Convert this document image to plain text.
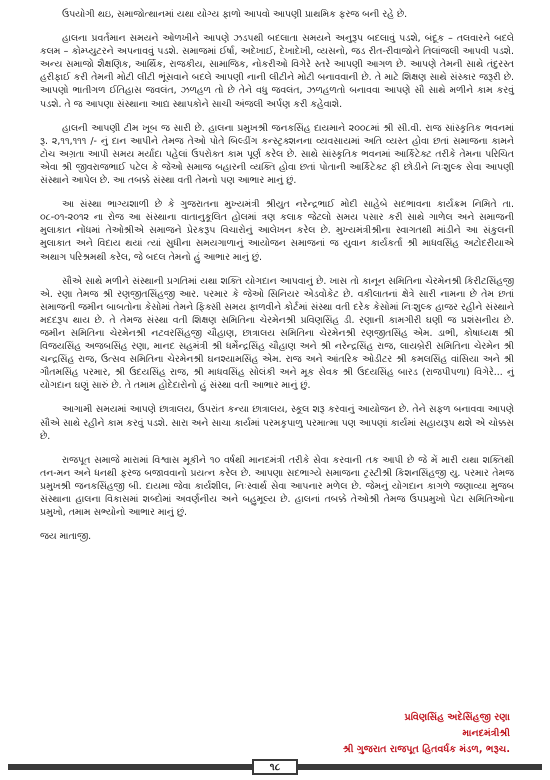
ઉપયોગી થઇ, સમાજોત્થાનમાં યથા યોગ્ય ફાળો આપવો આપણી પ્રાથમિક ફરજ બની રહે છે.

હાલના પ્રવર્તમાન સમયને ઓળખીને આપણે ઝડપથી બદલાતા સમયને અનુરૂપ બદલાવું પડશે, બંદૂક – તલવારને બદલે કલમ – કોમ્પ્યુટરને અપનાવવું પડશે. સમાજમાં ઈર્ષા, અદેખાઈ, દેખાદેખી, વ્યસનો, જડ રીત-રીવાજોને તિલાંજલી આપવી પડશે. અન્ય સમાજો શૈક્ષણિક, આર્થિક, રાજકીય, સામાજિક, નોકરીઓ વિગેરે સ્તરે આપણી આગળ છે. આપણે તેમની સાથે તંદુરસ્ત હરીફાઈ કરી તેમની મોટી લીટી ભૂંસવાને બદલે આપણી નાની લીટીને મોટી બનાવવાની છે. તે માટે શિક્ષણ સાથે સંસ્કાર જરૂરી છે. આપણો ભાતીગળ ઈતિહાસ જવલંત, ઝળહળ તો છે તેને વધુ જવલંત, ઝળહળતો બનાવવા આપણે સૌ સાથે મળીને કામ કરવું પડશે. તે જ આપણા સંસ્થાના આદ્ય સ્થાપકોને સાચી અંજલી અર્પણ કરી કહેવાશે.

હાલની આપણી ટીમ ખૂબ જ સારી છે. હાલના પ્રમુખશ્રી જનકસિંહ દાયમાને ૨૦૦૮માં શ્રી સી.વી. રાજ સાંસ્કૃતિક ભવનમાં રૂ. ૨,૧૧,૧૧૧ /- નું દાન આપીને તેમજ તેઓ પોતે બિલ્ડીંગ કન્સ્ટ્રક્શનના વ્યવસાયમાં અતિ વ્યસ્ત હોવા છતાં સમાજના કામને ટોચ અગ્રતા આપી સમય મર્યાદા પહેલાં ઉપરોક્ત કામ પૂર્ણ કરેલ છે. સાથે સાંસ્કૃતિક ભવનમાં આર્કિટેક્ટ તરીકે તેમના પરિચિત એવા શ્રી જીવરાજભાઈ પટેલ કે જેઓ સમાજ બહારની વ્યક્તિ હોવા છતાં પોતાની આર્કિટેક્ટ ફી છોડીને નિઃશુલ્ક સેવા આપણી સંસ્થાને આપેલ છે. આ તબક્કે સંસ્થા વતી તેમનો પણ આભાર માનું છું.

આ સંસ્થા ભાગ્યશાળી છે કે ગુજરાતના મુખ્યમંત્રી શ્રીયુત નરેન્દ્રભાઈ મોદી સાહેબે સદભાવના કાર્યક્રમ નિમિતે તા. ૦૮-૦૧-૨૦૧૨ ના રોજ આ સંસ્થાના વાતાનુકૂલિત હોલમાં ત્રણ કલાક જેટલો સમય પસાર કરી સાથે ગાળેલ અને સમાજની મુલાકાત નોંધમાં તેઓશ્રીએ સમાજને પ્રેરકરૂપ વિચારોનું આલેખન કરેલ છે. મુખ્યમંત્રીશ્રીના સ્વાગતથી માંડીને આ સંકુલની મુલાકાત અને વિદાય થયાં ત્યાં સુધીના સમયગાળાનું આયોજન સમાજનાં જ યુવાન કાર્યકર્તા શ્રી માધવસિંહ અટોદરીયાએ અથાગ પરિશ્રમથી કરેલ, જે બદલ તેમનો હું આભાર માનું છું.

સૌએ સાથે મળીને સંસ્થાની પ્રગતિમાં યથા શક્તિ યોગદાન આપવાનું છે. ખાસ તો કાનૂન સમિતિના ચેરમેનશ્રી કિરીટસિંહજી એ. રણા તેમજ શ્રી રણજીતસિંહજી આર. પરમાર કે જેઓ સિનિયર એડવોકેટ છે. વકીલાતનાં ક્ષેત્રે સારી નામના છે તેમ છતાં સમાજની જમીન બાબતોના કેસોમાં તેમને ફિક્સી સમય ફાળવીને કોર્ટમાં સંસ્થા વતી દરેક કેસોમાં નિઃશુલ્ક હાજર રહીને સંસ્થાને મદદરૂપ થાય છે. તે તેમજ સંસ્થા વતી શિક્ષણ સમિતિના ચેરમેનશ્રી પ્રવિણસિંહ ડી. રણાની કામગીરી ઘણી જ પ્રશંસનીય છે. જમીન સમિતિના ચેરમેનશ્રી નટવરસિંહજી ચૌહાણ, છાત્રાલય સમિતિના ચેરમેનશ્રી રણજીતસિંહ એમ. ડાભી, કોષાધ્યક્ષ શ્રી વિજયસિંહ અજબસિંહ રણા, માનદ સહમંત્રી શ્રી ધર્મેન્દ્રસિંહ ચૌહાણ અને શ્રી નરેન્દ્રસિંહ રાજ, લાયબ્રેરી સમિતિના ચેરમેન શ્રી ચન્દ્રસિંહ રાજ, ઉત્સવ સમિતિના ચેરમેનશ્રી ઘનશ્યામસિંહ એમ. રાજ અને આંતરિક ઓડીટર શ્રી કમલસિંહ વાંસિયા અને શ્રી ગૌતમસિંહ પરમાર, શ્રી ઉદયસિંહ રાજ, શ્રી માધવસિંહ સોલંકી અને મૂક સેવક શ્રી ઉદયસિંહ બારડ (રાજપીપળા) વિગેરે... નું યોગદાન ઘણું સારું છે. તે તમામ હોદેદારોનો હું સંસ્થા વતી આભાર માનું છું.

આગામી સમયમાં આપણે છાત્રાલય, ઉપરાંત કન્યા છાત્રાલય, સ્કૂલ શરૂ કરવાનું આયોજન છે. તેને સફળ બનાવવા આપણે સૌએ સાથે રહીને કામ કરવું પડશે. સારા અને સાચા કાર્યમાં પરમકૃપાળુ પરમાત્મા પણ આપણાં કાર્યમાં સહાયરૂપ થશે એ ચોક્કસ છે.

રાજપૂત સમાજે મારામાં વિશ્વાસ મૂકીને ૧૦ વર્ષથી માનદમંત્રી તરીકે સેવા કરવાની તક આપી છે જે મેં મારી યથા શક્તિથી તન-મન અને ધનથી ફરજ બજાવવાનો પ્રયત્ન કરેલ છે. આપણા સદભાગ્યે સમાજના ટ્રસ્ટીશ્રી કિશનસિંહજી યુ. પરમાર તેમજ પ્રમુખશ્રી જનકસિંહજી બી. દાયમા જેવા કાર્યશીલ, નિઃસ્વાર્થ સેવા આપનાર મળેલ છે. જેમનું યોગદાન કાગળે જણાવ્યા મુજબ સંસ્થાના હાલના વિકાસમાં શબ્દોમાં અવર્ણનીય અને બહુમૂલ્ય છે. હાલનાં તબક્કે તેઓશ્રી તેમજ ઉપપ્રમુખો પેટા સમિતિઓના પ્રમુખો, તમામ સભ્યોનો આભાર માનું છું.

જય માતાજી.

પ્રવિણસિંહ અદેસિંહજી રણા
માનદમંત્રીશ્રી
શ્રી ગુજરાત રાજપૂત હિતવર્ધક મંડળ, ભરૂચ.
૧૮
